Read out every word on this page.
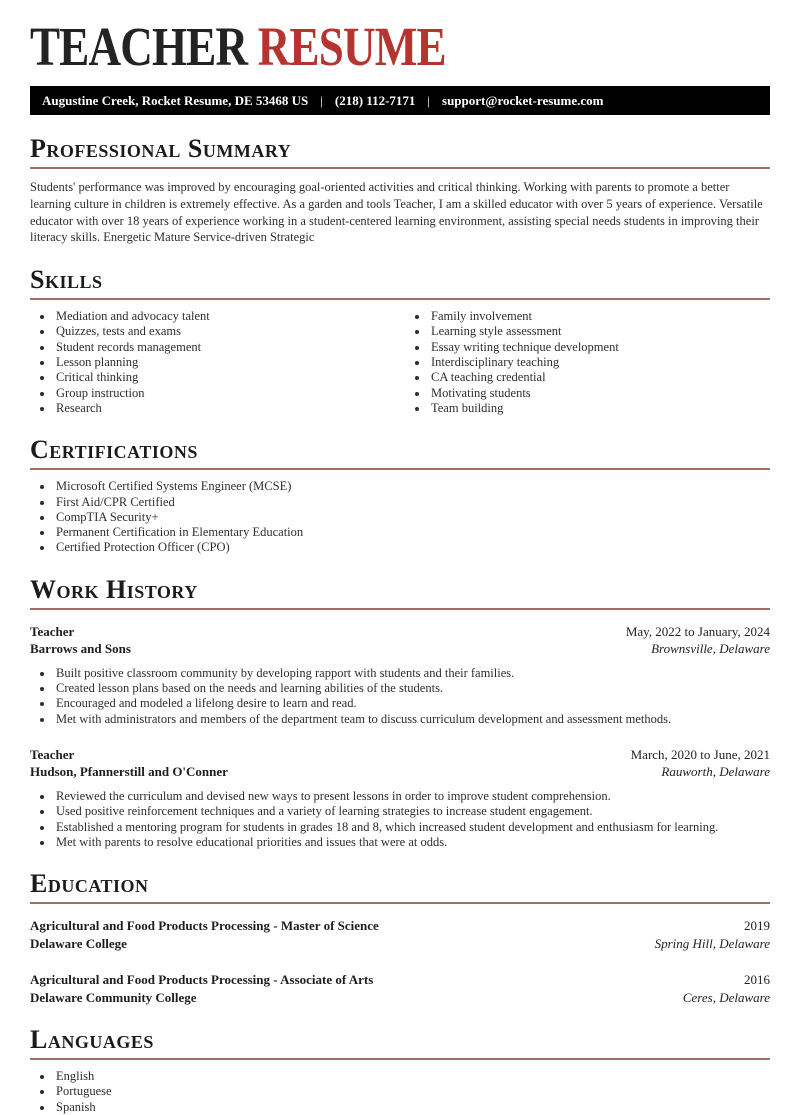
TEACHER RESUME
Augustine Creek, Rocket Resume, DE 53468 US | (218) 112-7171 | support@rocket-resume.com
Professional Summary

Students' performance was improved by encouraging goal-oriented activities and critical thinking. Working with parents to promote a better learning culture in children is extremely effective. As a garden and tools Teacher, I am a skilled educator with over 5 years of experience. Versatile educator with over 18 years of experience working in a student-centered learning environment, assisting special needs students in improving their literacy skills. Energetic Mature Service-driven Strategic

Skills
• Mediation and advocacy talent
• Quizzes, tests and exams
• Student records management
• Lesson planning
• Critical thinking
• Group instruction
• Research
• Family involvement
• Learning style assessment
• Essay writing technique development
• Interdisciplinary teaching
• CA teaching credential
• Motivating students
• Team building
Certifications
• Microsoft Certified Systems Engineer (MCSE)
• First Aid/CPR Certified
• CompTIA Security+
• Permanent Certification in Elementary Education
• Certified Protection Officer (CPO)
Work History
Teacher	May, 2022 to January, 2024
Barrows and Sons	Brownsville, Delaware
• Built positive classroom community by developing rapport with students and their families.
• Created lesson plans based on the needs and learning abilities of the students.
• Encouraged and modeled a lifelong desire to learn and read.
• Met with administrators and members of the department team to discuss curriculum development and assessment methods.
Teacher	March, 2020 to June, 2021
Hudson, Pfannerstill and O'Conner	Rauworth, Delaware
• Reviewed the curriculum and devised new ways to present lessons in order to improve student comprehension.
• Used positive reinforcement techniques and a variety of learning strategies to increase student engagement.
• Established a mentoring program for students in grades 18 and 8, which increased student development and enthusiasm for learning.
• Met with parents to resolve educational priorities and issues that were at odds.
Education
Agricultural and Food Products Processing - Master of Science	2019
Delaware College	Spring Hill, Delaware
Agricultural and Food Products Processing - Associate of Arts	2016
Delaware Community College	Ceres, Delaware
Languages
• English
• Portuguese
• Spanish
